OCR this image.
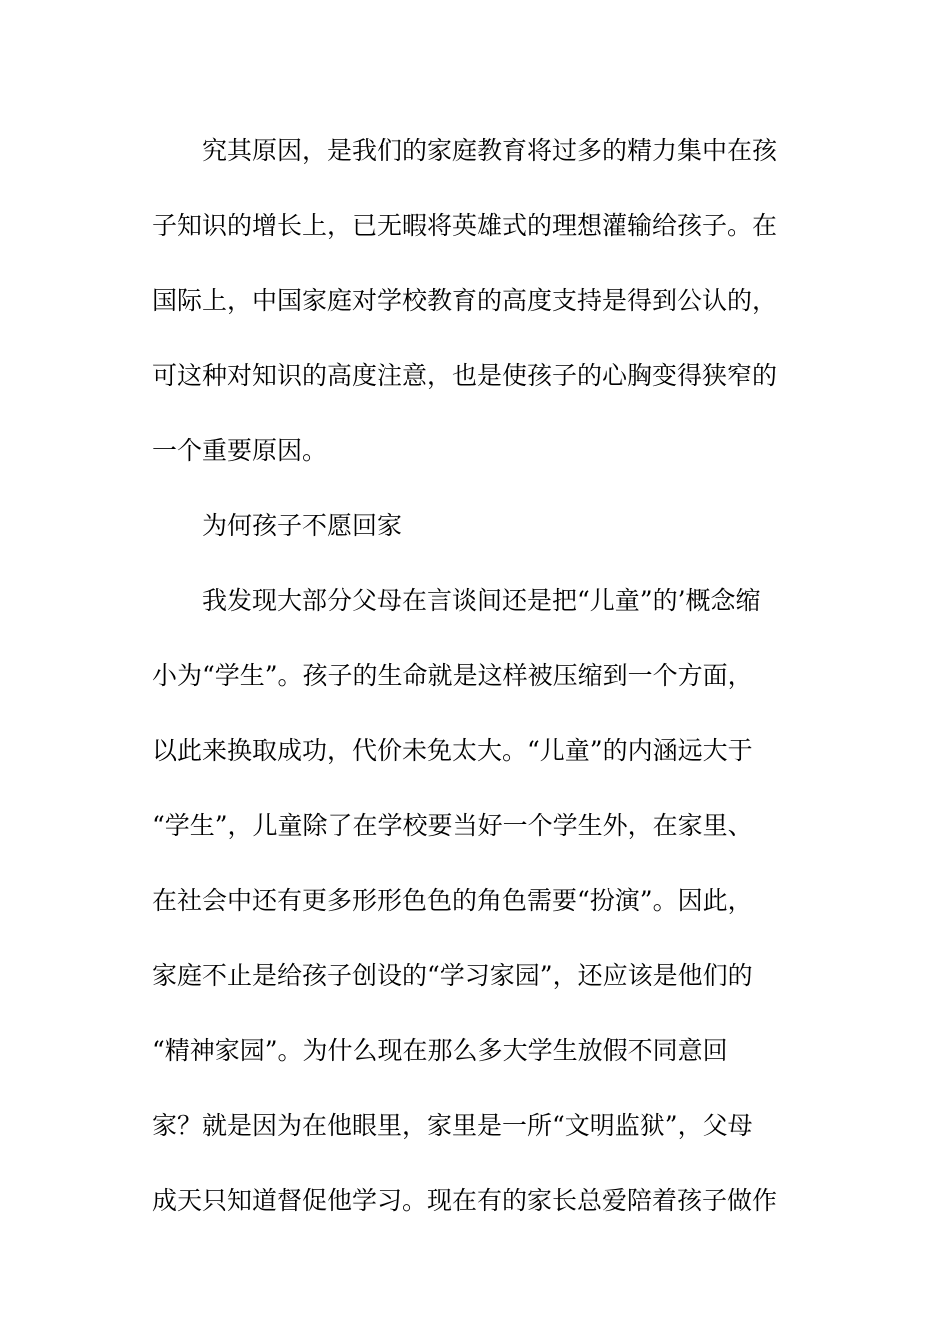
究其原因，是我们的家庭教育将过多的精力集中在孩
子知识的增长上，已无暇将英雄式的理想灌输给孩子。在
国际上，中国家庭对学校教育的高度支持是得到公认的，
可这种对知识的高度注意，也是使孩子的心胸变得狭窄的
一个重要原因。
为何孩子不愿回家
我发现大部分父母在言谈间还是把“儿童”的’概念缩
小为“学生”。孩子的生命就是这样被压缩到一个方面，
以此来换取成功，代价未免太大。“儿童”的内涵远大于
“学生”，儿童除了在学校要当好一个学生外，在家里、
在社会中还有更多形形色色的角色需要“扮演”。因此，
家庭不止是给孩子创设的“学习家园”，还应该是他们的
“精神家园”。为什么现在那么多大学生放假不同意回
家？就是因为在他眼里，家里是一所“文明监狱”，父母
成天只知道督促他学习。现在有的家长总爱陪着孩子做作
